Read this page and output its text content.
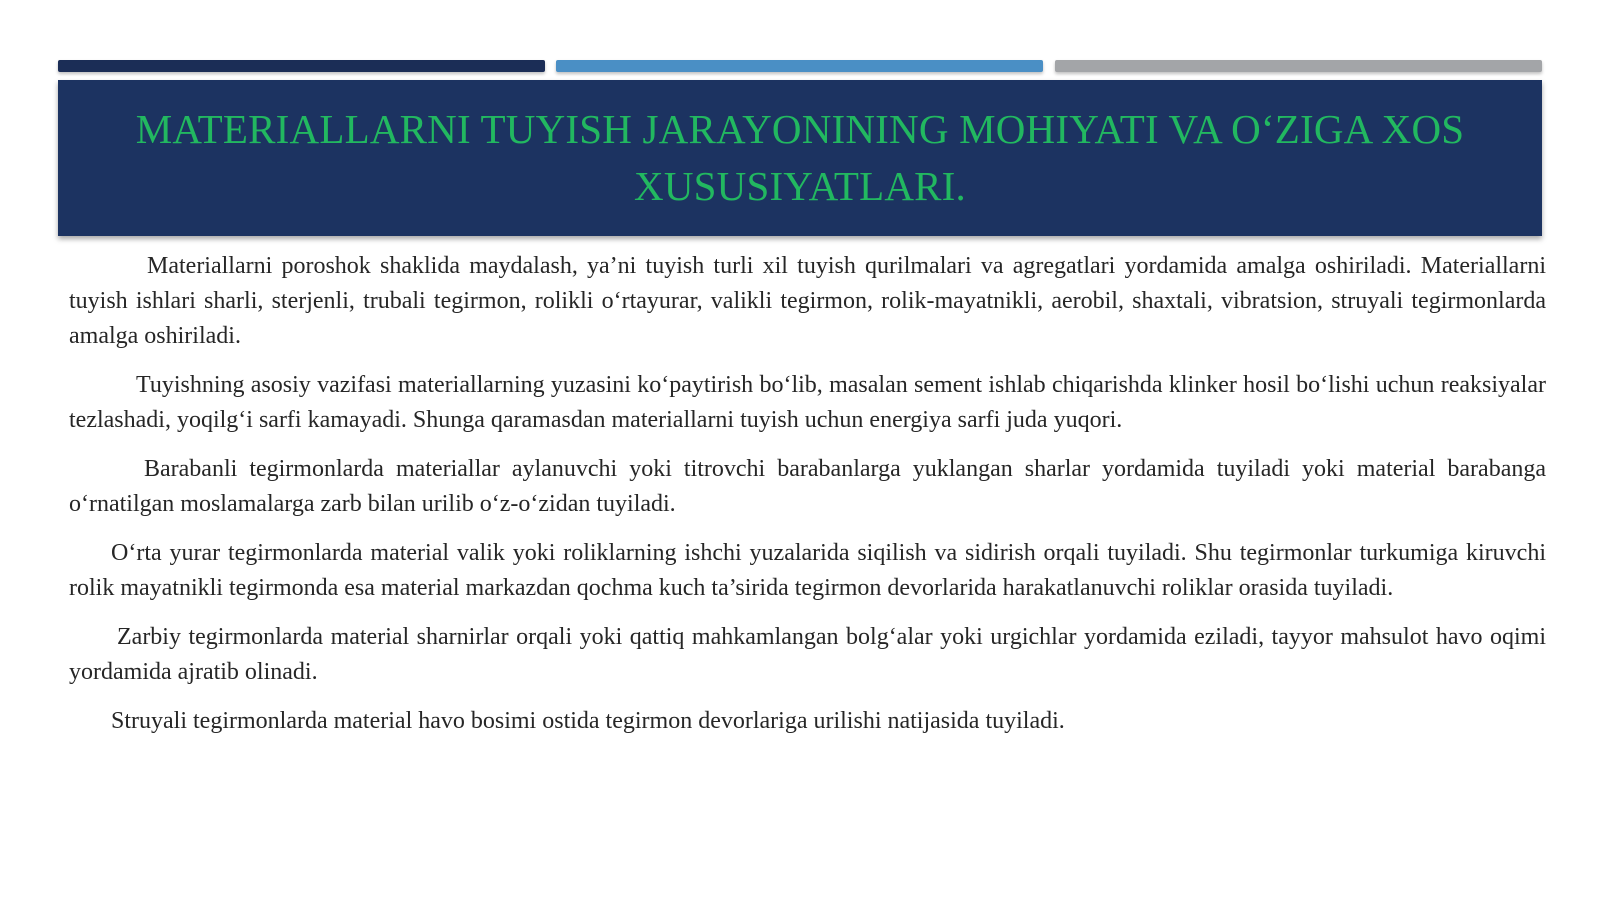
MATERIALLARNI TUYISH JARAYONINING MOHIYATI VA O‘ZIGA XOS XUSUSIYATLARI.

Materiallarni poroshok shaklida maydalash, ya’ni tuyish turli xil tuyish qurilmalari va agregatlari yordamida amalga oshiriladi. Materiallarni tuyish ishlari sharli, sterjenli, trubali tegirmon, rolikli o‘rtayurar, valikli tegirmon, rolik-mayatnikli, aerobil, shaxtali, vibratsion, struyali tegirmonlarda amalga oshiriladi.

Tuyishning asosiy vazifasi materiallarning yuzasini ko‘paytirish bo‘lib, masalan sement ishlab chiqarishda klinker hosil bo‘lishi uchun reaksiyalar tezlashadi, yoqilg‘i sarfi kamayadi. Shunga qaramasdan materiallarni tuyish uchun energiya sarfi juda yuqori.

Barabanli tegirmonlarda materiallar aylanuvchi yoki titrovchi barabanlarga yuklangan sharlar yordamida tuyiladi yoki material barabanga o‘rnatilgan moslamalarga zarb bilan urilib o‘z-o‘zidan tuyiladi.

O‘rta yurar tegirmonlarda material valik yoki roliklarning ishchi yuzalarida siqilish va sidirish orqali tuyiladi. Shu tegirmonlar turkumiga kiruvchi rolik mayatnikli tegirmonda esa material markazdan qochma kuch ta’sirida tegirmon devorlarida harakatlanuvchi roliklar orasida tuyiladi.

Zarbiy tegirmonlarda material sharnirlar orqali yoki qattiq mahkamlangan bolg‘alar yoki urgichlar yordamida eziladi, tayyor mahsulot havo oqimi yordamida ajratib olinadi.

Struyali tegirmonlarda material havo bosimi ostida tegirmon devorlariga urilishi natijasida tuyiladi.
